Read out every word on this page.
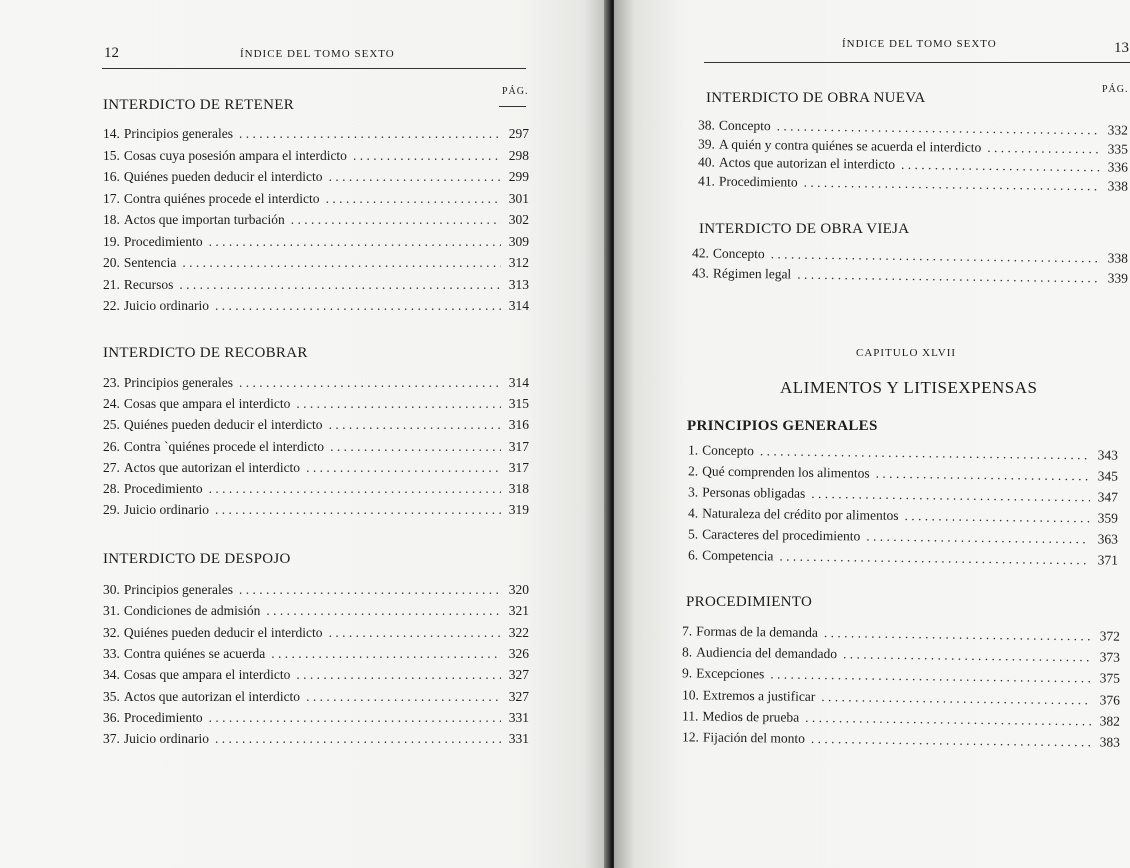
12	ÍNDICE DEL TOMO SEXTO
PÁG.
INTERDICTO DE RETENER
14. Principios generales . . .	297
15. Cosas cuya posesión ampara el interdicto . . .	298
16. Quiénes pueden deducir el interdicto . . .	299
17. Contra quiénes procede el interdicto . . .	301
18. Actos que importan turbación . . .	302
19. Procedimiento . . .	309
20. Sentencia . . .	312
21. Recursos . . .	313
22. Juicio ordinario . . .	314
INTERDICTO DE RECOBRAR
23. Principios generales . . .	314
24. Cosas que ampara el interdicto . . .	315
25. Quiénes pueden deducir el interdicto . . .	316
26. Contra `quiénes procede el interdicto . . .	317
27. Actos que autorizan el interdicto . . .	317
28. Procedimiento . . .	318
29. Juicio ordinario . . .	319
INTERDICTO DE DESPOJO
30. Principios generales . . .	320
31. Condiciones de admisión . . .	321
32. Quiénes pueden deducir el interdicto . . .	322
33. Contra quiénes se acuerda . . .	326
34. Cosas que ampara el interdicto . . .	327
35. Actos que autorizan el interdicto . . .	327
36. Procedimiento . . .	331
37. Juicio ordinario . . .	331
ÍNDICE DEL TOMO SEXTO	13
PÁG.
INTERDICTO DE OBRA NUEVA
38. Concepto . . .	332
39. A quién y contra quiénes se acuerda el interdicto . . .	335
40. Actos que autorizan el interdicto . . .	336
41. Procedimiento . . .	338
INTERDICTO DE OBRA VIEJA
42. Concepto . . .	338
43. Régimen legal . . .	339
CAPITULO XLVII
ALIMENTOS Y LITISEXPENSAS
PRINCIPIOS GENERALES
1. Concepto . . .	343
2. Qué comprenden los alimentos . . .	345
3. Personas obligadas . . .	347
4. Naturaleza del crédito por alimentos . . .	359
5. Caracteres del procedimiento . . .	363
6. Competencia . . .	371
PROCEDIMIENTO
7. Formas de la demanda . . .	372
8. Audiencia del demandado . . .	373
9. Excepciones . . .	375
10. Extremos a justificar . . .	376
11. Medios de prueba . . .	382
12. Fijación del monto . . .	383
